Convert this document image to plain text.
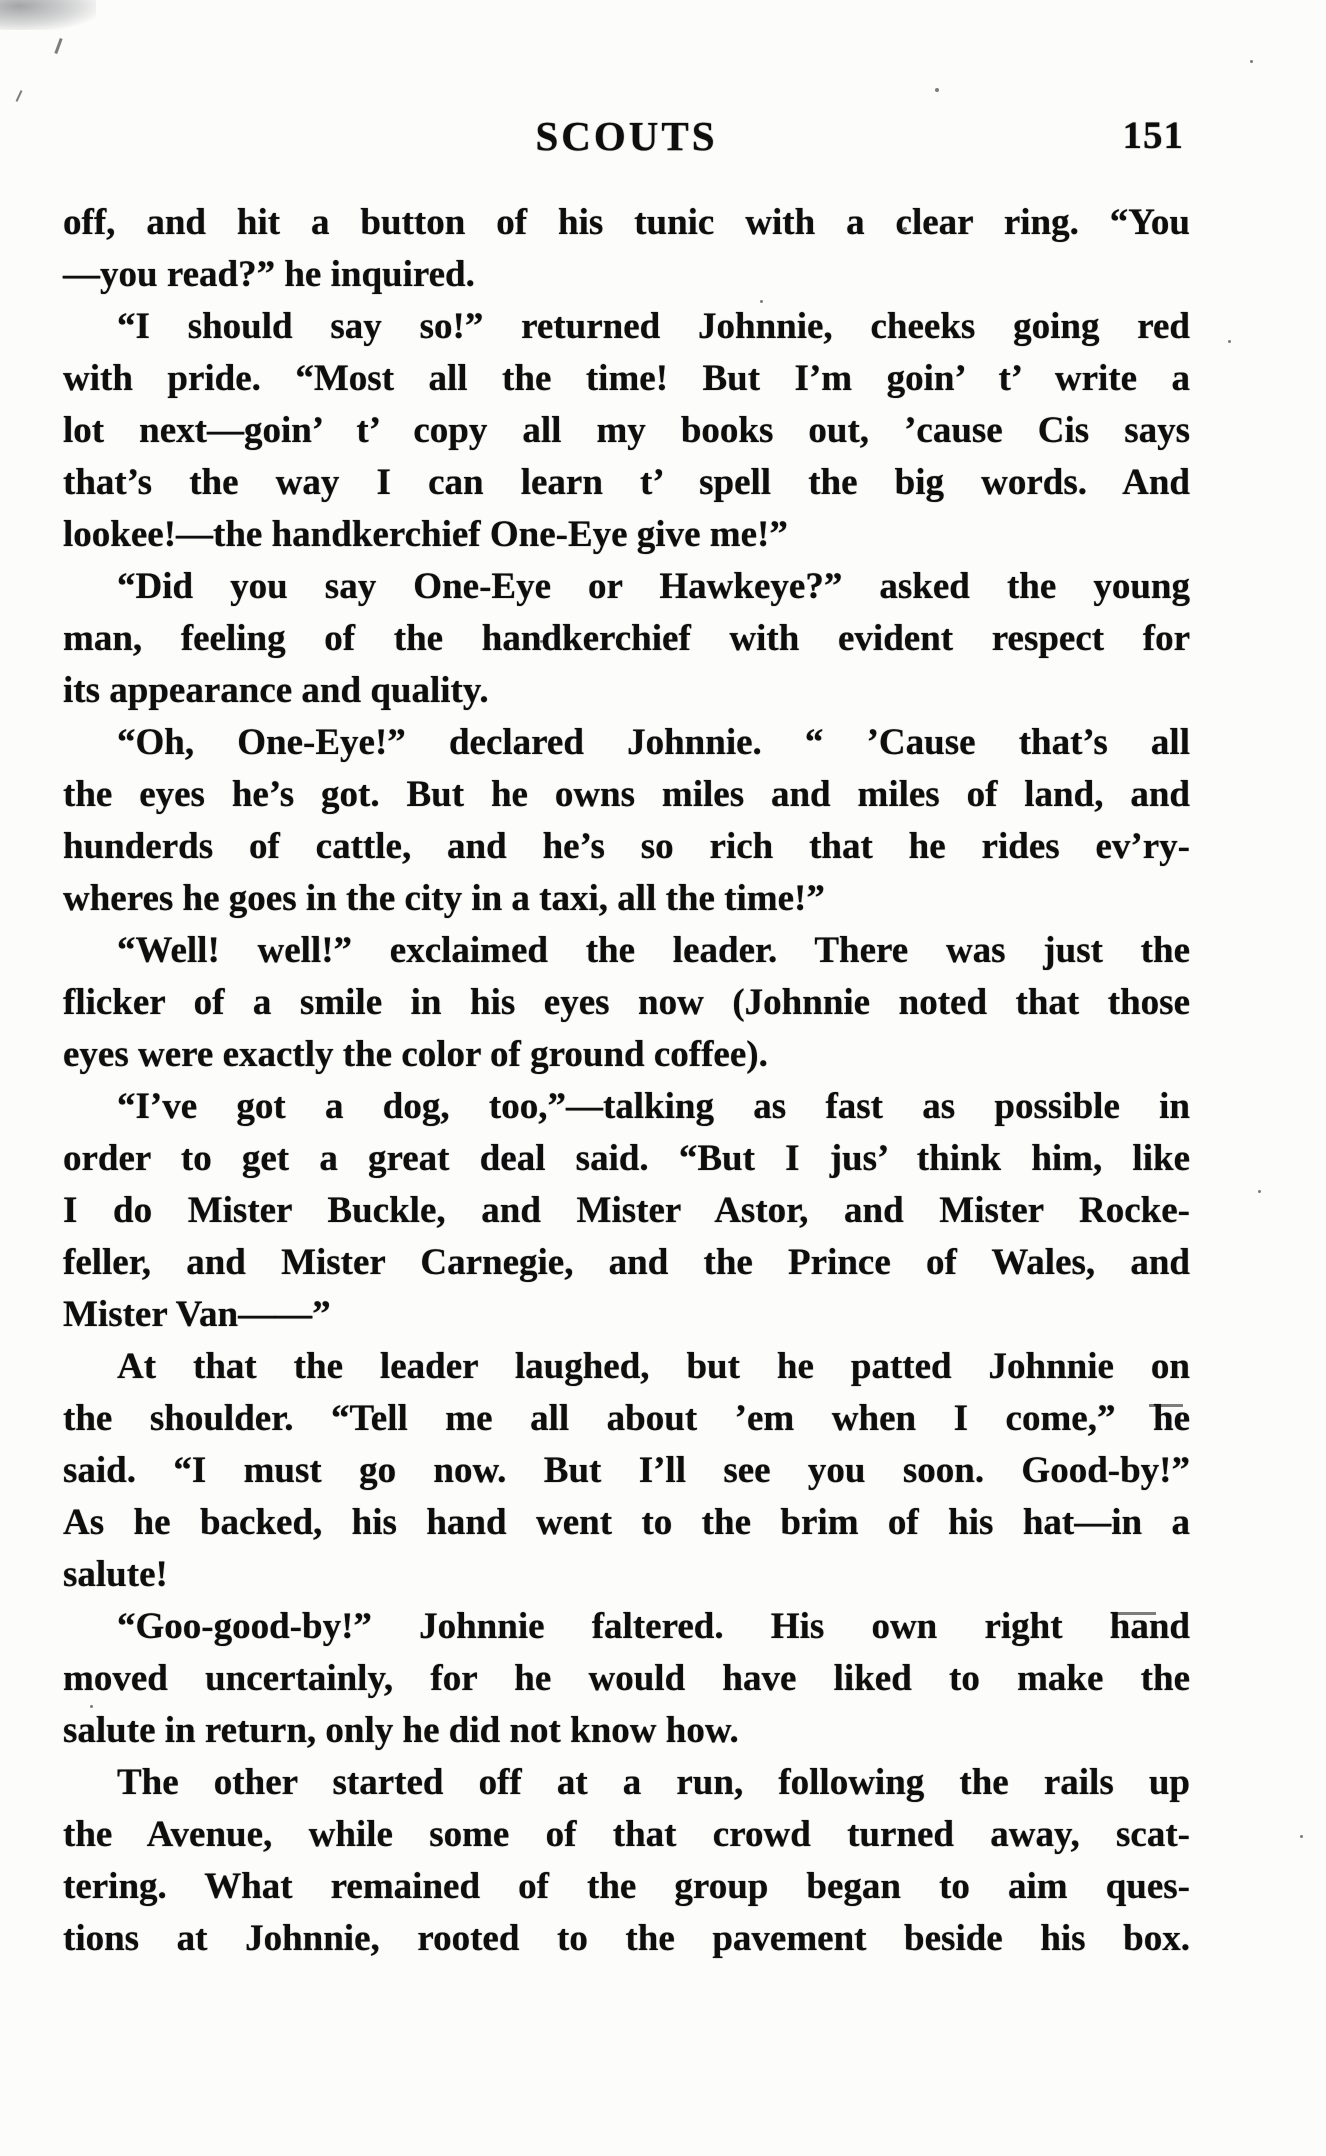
SCOUTS	151
off, and hit a button of his tunic with a clear ring. “You
—you read?” he inquired.
“I should say so!” returned Johnnie, cheeks going red
with pride. “Most all the time! But I’m goin’ t’ write a
lot next—goin’ t’ copy all my books out, ’cause Cis says
that’s the way I can learn t’ spell the big words. And
lookee!—the handkerchief One-Eye give me!”
“Did you say One-Eye or Hawkeye?” asked the young
man, feeling of the handkerchief with evident respect for
its appearance and quality.
“Oh, One-Eye!” declared Johnnie. “ ’Cause that’s all
the eyes he’s got. But he owns miles and miles of land, and
hunderds of cattle, and he’s so rich that he rides ev’ry-
wheres he goes in the city in a taxi, all the time!”
“Well! well!” exclaimed the leader. There was just the
flicker of a smile in his eyes now (Johnnie noted that those
eyes were exactly the color of ground coffee).
“I’ve got a dog, too,”—talking as fast as possible in
order to get a great deal said. “But I jus’ think him, like
I do Mister Buckle, and Mister Astor, and Mister Rocke-
feller, and Mister Carnegie, and the Prince of Wales, and
Mister Van——”
At that the leader laughed, but he patted Johnnie on
the shoulder. “Tell me all about ’em when I come,” he
said. “I must go now. But I’ll see you soon. Good-by!”
As he backed, his hand went to the brim of his hat—in a
salute!
“Goo-good-by!” Johnnie faltered. His own right hand
moved uncertainly, for he would have liked to make the
salute in return, only he did not know how.
The other started off at a run, following the rails up
the Avenue, while some of that crowd turned away, scat-
tering. What remained of the group began to aim ques-
tions at Johnnie, rooted to the pavement beside his box.
